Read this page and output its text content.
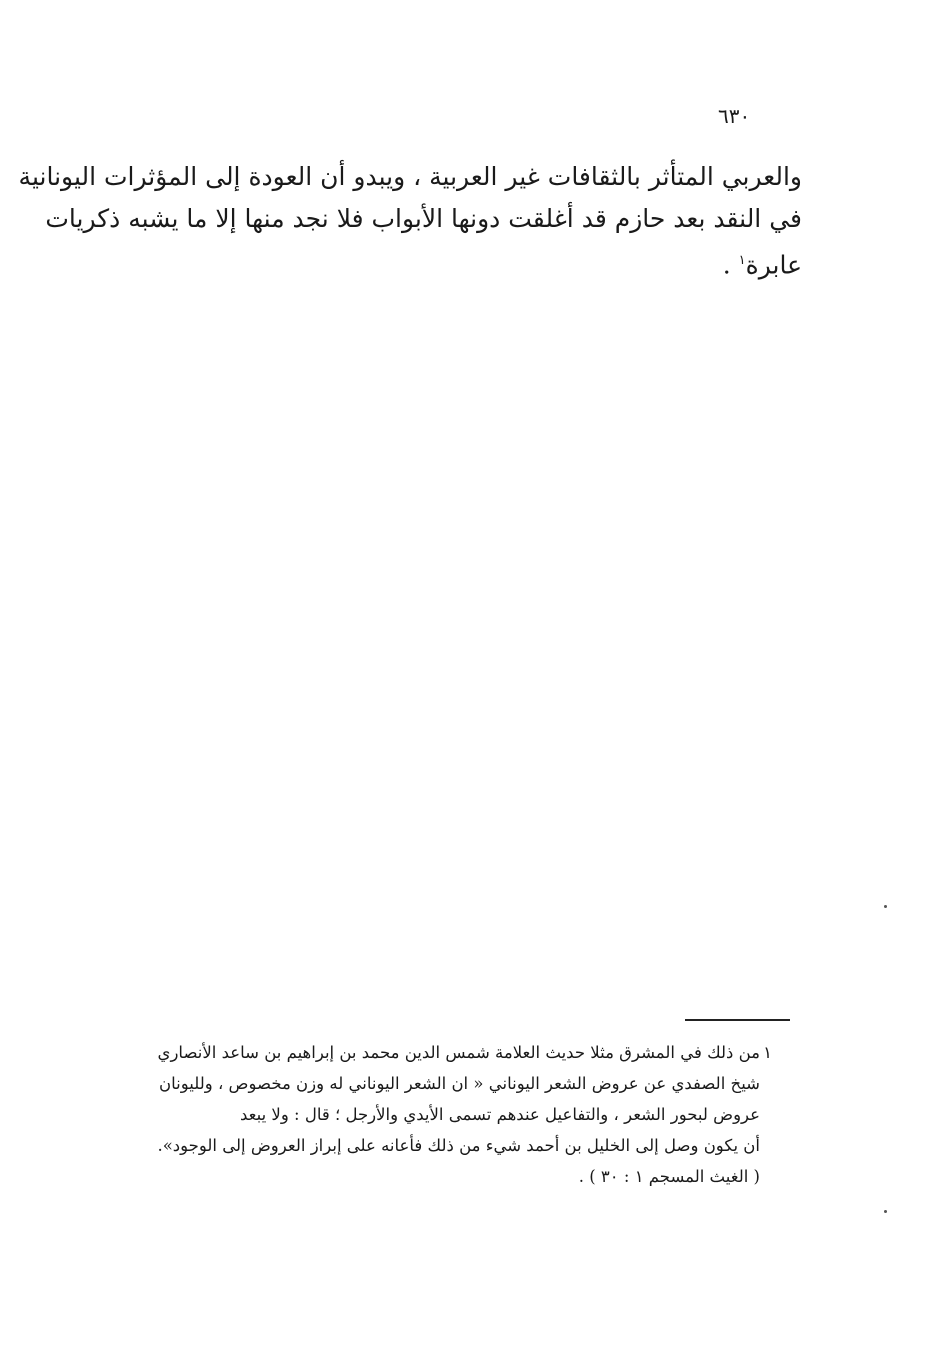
٦٣٠
والعربي المتأثر بالثقافات غير العربية ، ويبدو أن العودة إلى المؤثرات اليونانية
في النقد بعد حازم قد أغلقت دونها الأبواب فلا نجد منها إلا ما يشبه ذكريات
عابرة$^١$ .
١
من ذلك في المشرق مثلا حديث العلامة شمس الدين محمد بن إبراهيم بن ساعد الأنصاري
شيخ الصفدي عن عروض الشعر اليوناني « ان الشعر اليوناني له وزن مخصوص ، ولليونان
عروض لبحور الشعر ، والتفاعيل عندهم تسمى الأيدي والأرجل ؛ قال : ولا يبعد
أن يكون وصل إلى الخليل بن أحمد شيء من ذلك فأعانه على إبراز العروض إلى الوجود».
( الغيث المسجم ١ : ٣٠ ) .
